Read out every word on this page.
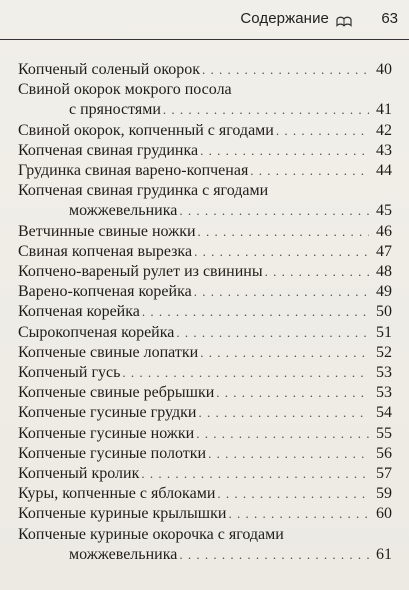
Содержание	63
Копченый соленый окорок . . .	40
Свиной окорок мокрого посола
с пряностями . . .	41
Свиной окорок, копченный с ягодами . . .	42
Копченая свиная грудинка . . .	43
Грудинка свиная варено-копченая . . .	44
Копченая свиная грудинка с ягодами
можжевельника . . .	45
Ветчинные свиные ножки . . .	46
Свиная копченая вырезка . . .	47
Копчено-вареный рулет из свинины . . .	48
Варено-копченая корейка . . .	49
Копченая корейка . . .	50
Сырокопченая корейка . . .	51
Копченые свиные лопатки . . .	52
Копченый гусь . . .	53
Копченые свиные ребрышки . . .	53
Копченые гусиные грудки . . .	54
Копченые гусиные ножки . . .	55
Копченые гусиные полотки . . .	56
Копченый кролик . . .	57
Куры, копченные с яблоками . . .	59
Копченые куриные крылышки . . .	60
Копченые куриные окорочка с ягодами
можжевельника . . .	61
